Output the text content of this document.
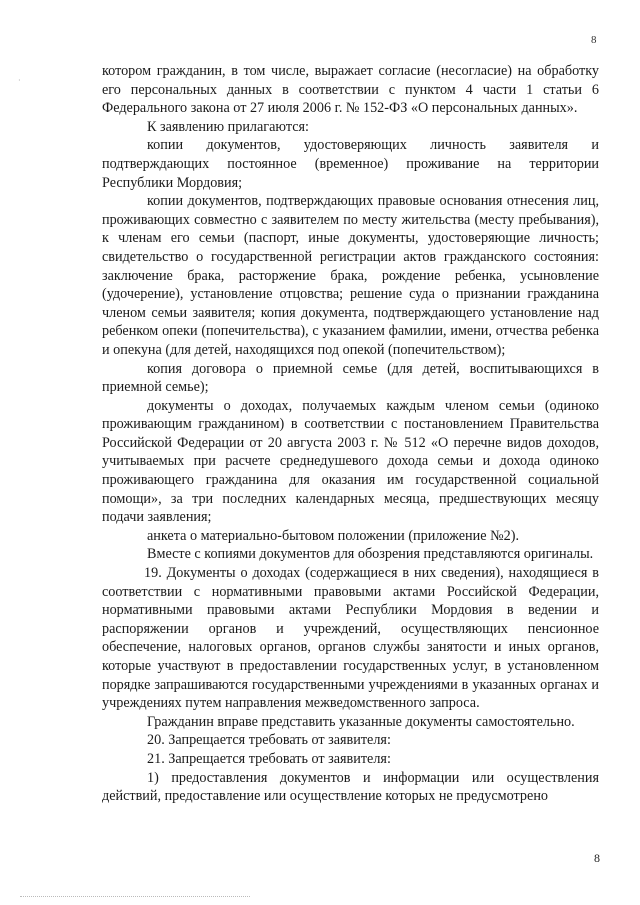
8
·

котором гражданин, в том числе, выражает согласие (несогласие) на обработку его персональных данных в соответствии с пунктом 4 части 1 статьи 6 Федерального закона от 27 июля 2006 г. № 152-ФЗ «О персональных данных».

К заявлению прилагаются:

копии документов, удостоверяющих личность заявителя и подтверждающих постоянное (временное) проживание на территории Республики Мордовия;

копии документов, подтверждающих правовые основания отнесения лиц, проживающих совместно с заявителем по месту жительства (месту пребывания), к членам его семьи (паспорт, иные документы, удостоверяющие личность; свидетельство о государственной регистрации актов гражданского состояния: заключение брака, расторжение брака, рождение ребенка, усыновление (удочерение), установление отцовства; решение суда о признании гражданина членом семьи заявителя; копия документа, подтверждающего установление над ребенком опеки (попечительства), с указанием фамилии, имени, отчества ребенка и опекуна (для детей, находящихся под опекой (попечительством);

копия договора о приемной семье (для детей, воспитывающихся в приемной семье);

документы о доходах, получаемых каждым членом семьи (одиноко проживающим гражданином) в соответствии с постановлением Правительства Российской Федерации от 20 августа 2003 г. № 512 «О перечне видов доходов, учитываемых при расчете среднедушевого дохода семьи и дохода одиноко проживающего гражданина для оказания им государственной социальной помощи», за три последних календарных месяца, предшествующих месяцу подачи заявления;

анкета о материально-бытовом положении (приложение №2).

Вместе с копиями документов для обозрения представляются оригиналы.

19. Документы о доходах (содержащиеся в них сведения), находящиеся в соответствии с нормативными правовыми актами Российской Федерации, нормативными правовыми актами Республики Мордовия в ведении и распоряжении органов и учреждений, осуществляющих пенсионное обеспечение, налоговых органов, органов службы занятости и иных органов, которые участвуют в предоставлении государственных услуг, в установленном порядке запрашиваются государственными учреждениями в указанных органах и учреждениях путем направления межведомственного запроса.

Гражданин вправе представить указанные документы самостоятельно.

20. Запрещается требовать от заявителя:

21. Запрещается требовать от заявителя:

1) предоставления документов и информации или осуществления действий, предоставление или осуществление которых не предусмотрено

8
